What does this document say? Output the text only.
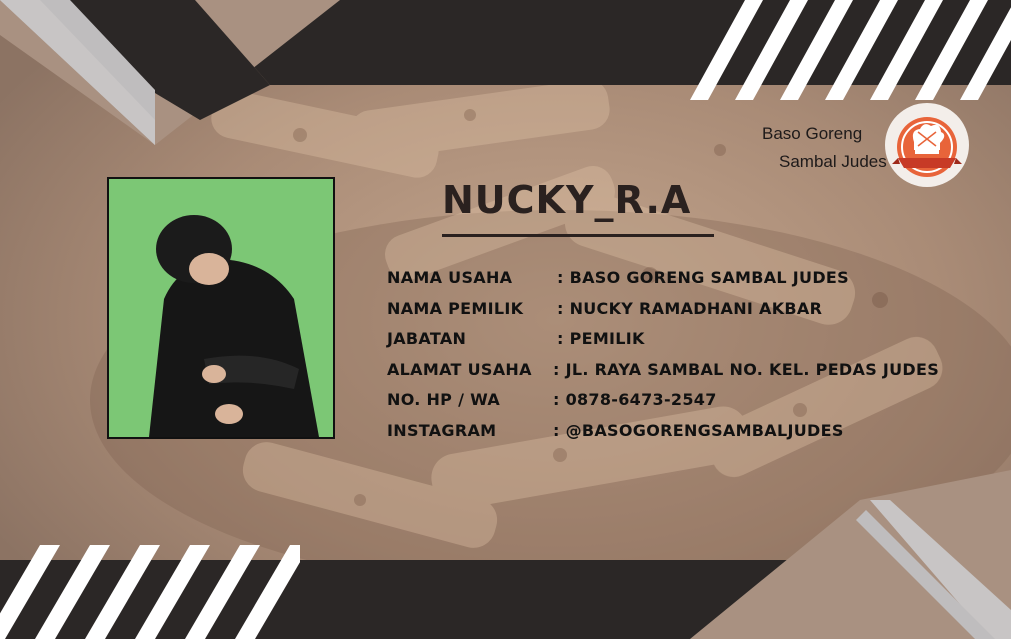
NUCKY_R.A
NAMA USAHA	: BASO GORENG SAMBAL JUDES
NAMA PEMILIK : NUCKY RAMADHANI AKBAR
JABATAN	: PEMILIK
ALAMAT USAHA : JL. RAYA SAMBAL NO. KEL. PEDAS JUDES
NO. HP / WA	: 0878-6473-2547
INSTAGRAM	: @BASOGORENGSAMBALJUDES
Baso Goreng
Sambal Judes
